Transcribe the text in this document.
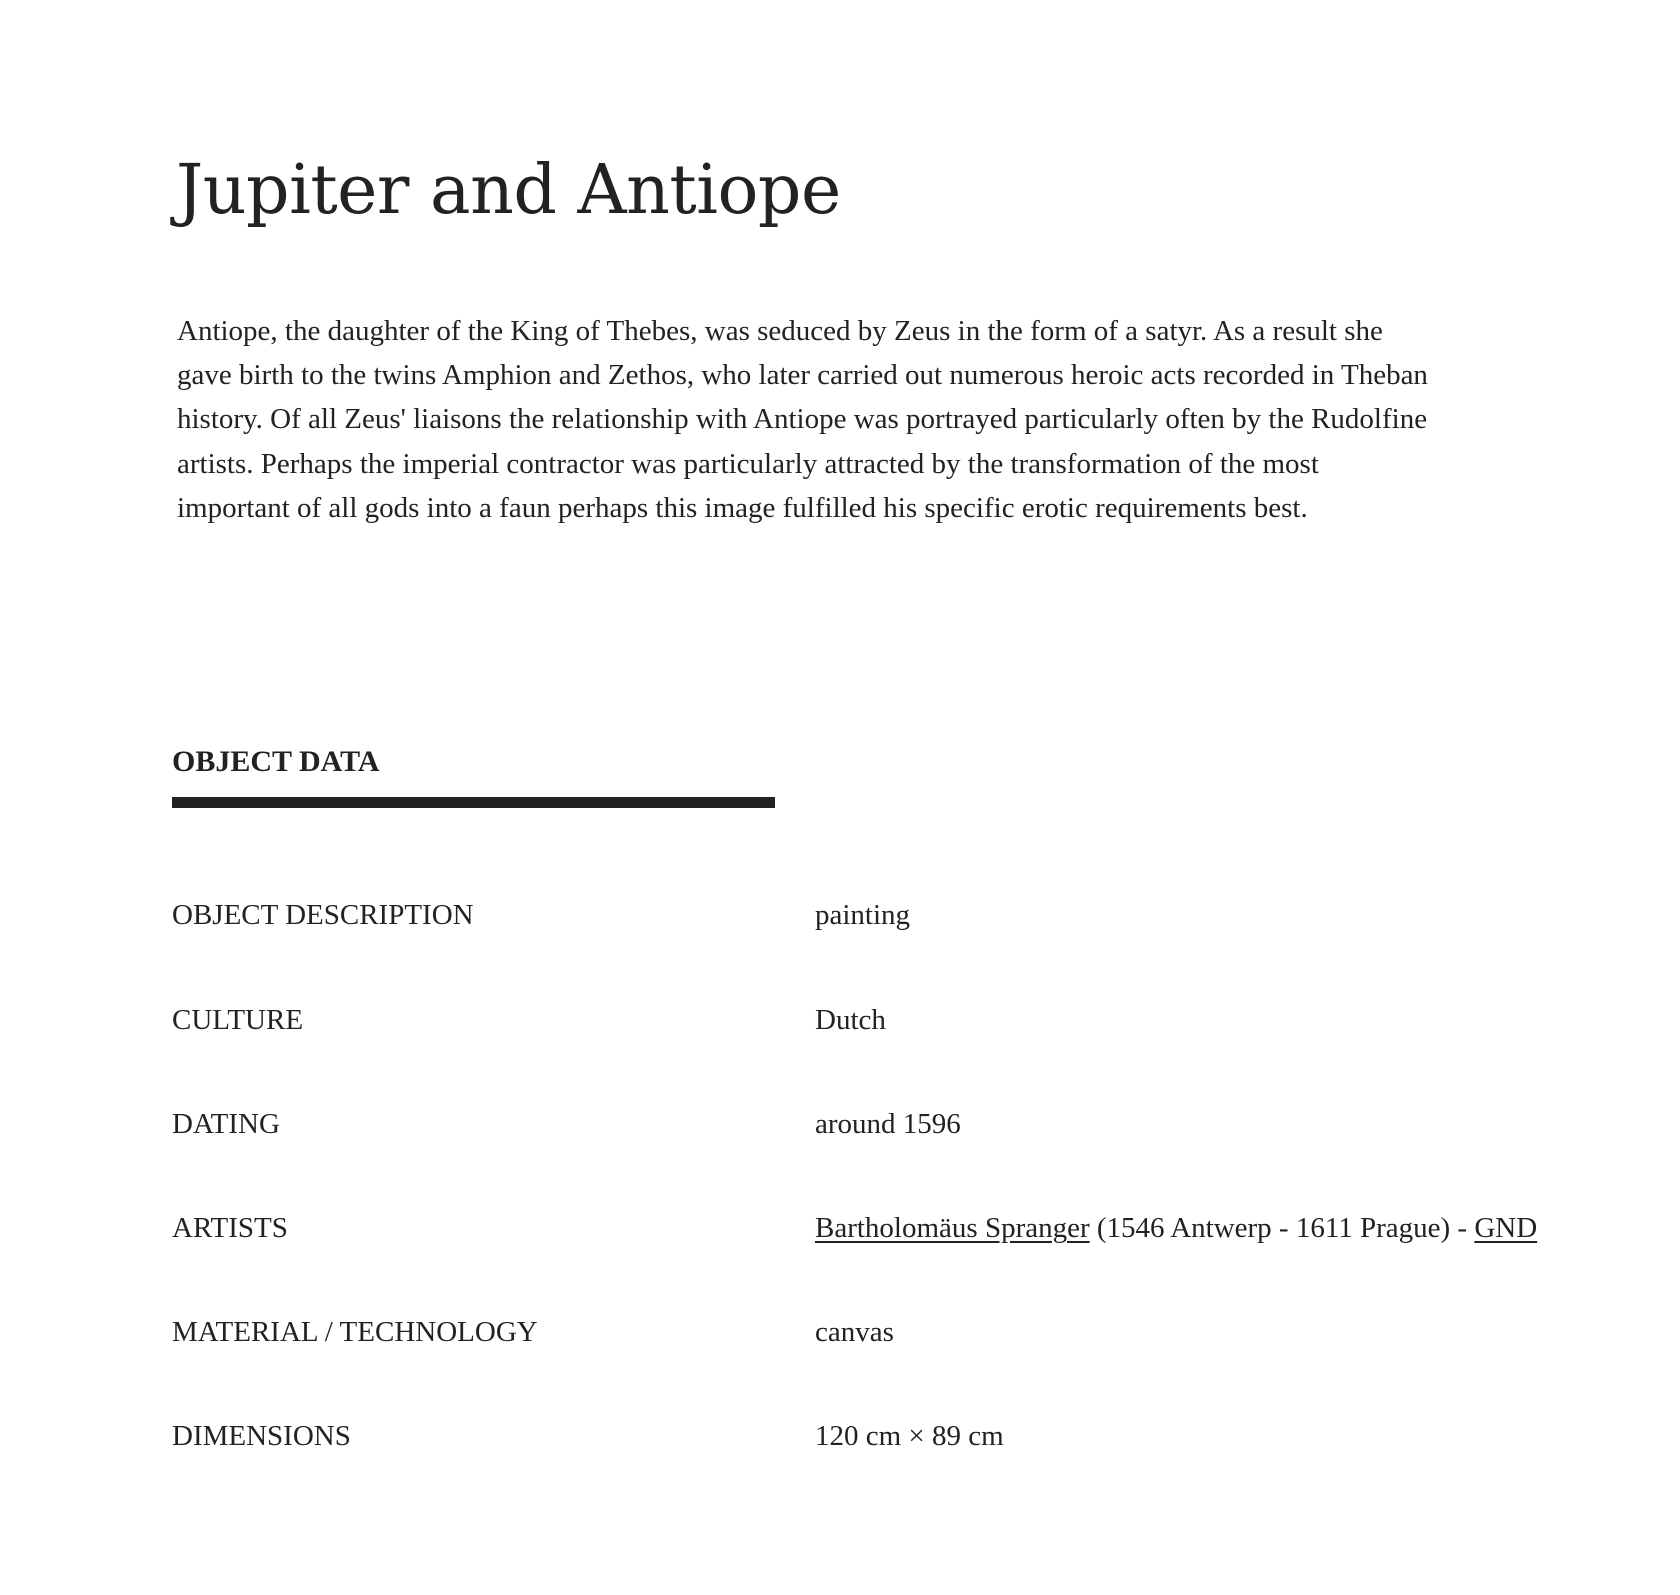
Jupiter and Antiope

Antiope, the daughter of the King of Thebes, was seduced by Zeus in the form of a satyr. As a result she gave birth to the twins Amphion and Zethos, who later carried out numerous heroic acts recorded in Theban history. Of all Zeus' liaisons the relationship with Antiope was portrayed particularly often by the Rudolfine artists. Perhaps the imperial contractor was particularly attracted by the transformation of the most important of all gods into a faun perhaps this image fulfilled his specific erotic requirements best.

OBJECT DATA
OBJECT DESCRIPTION	painting
CULTURE	Dutch
DATING	around 1596
ARTISTS	Bartholomäus Spranger (1546 Antwerp - 1611 Prague) - GND
MATERIAL / TECHNOLOGY	canvas
DIMENSIONS	120 cm × 89 cm
